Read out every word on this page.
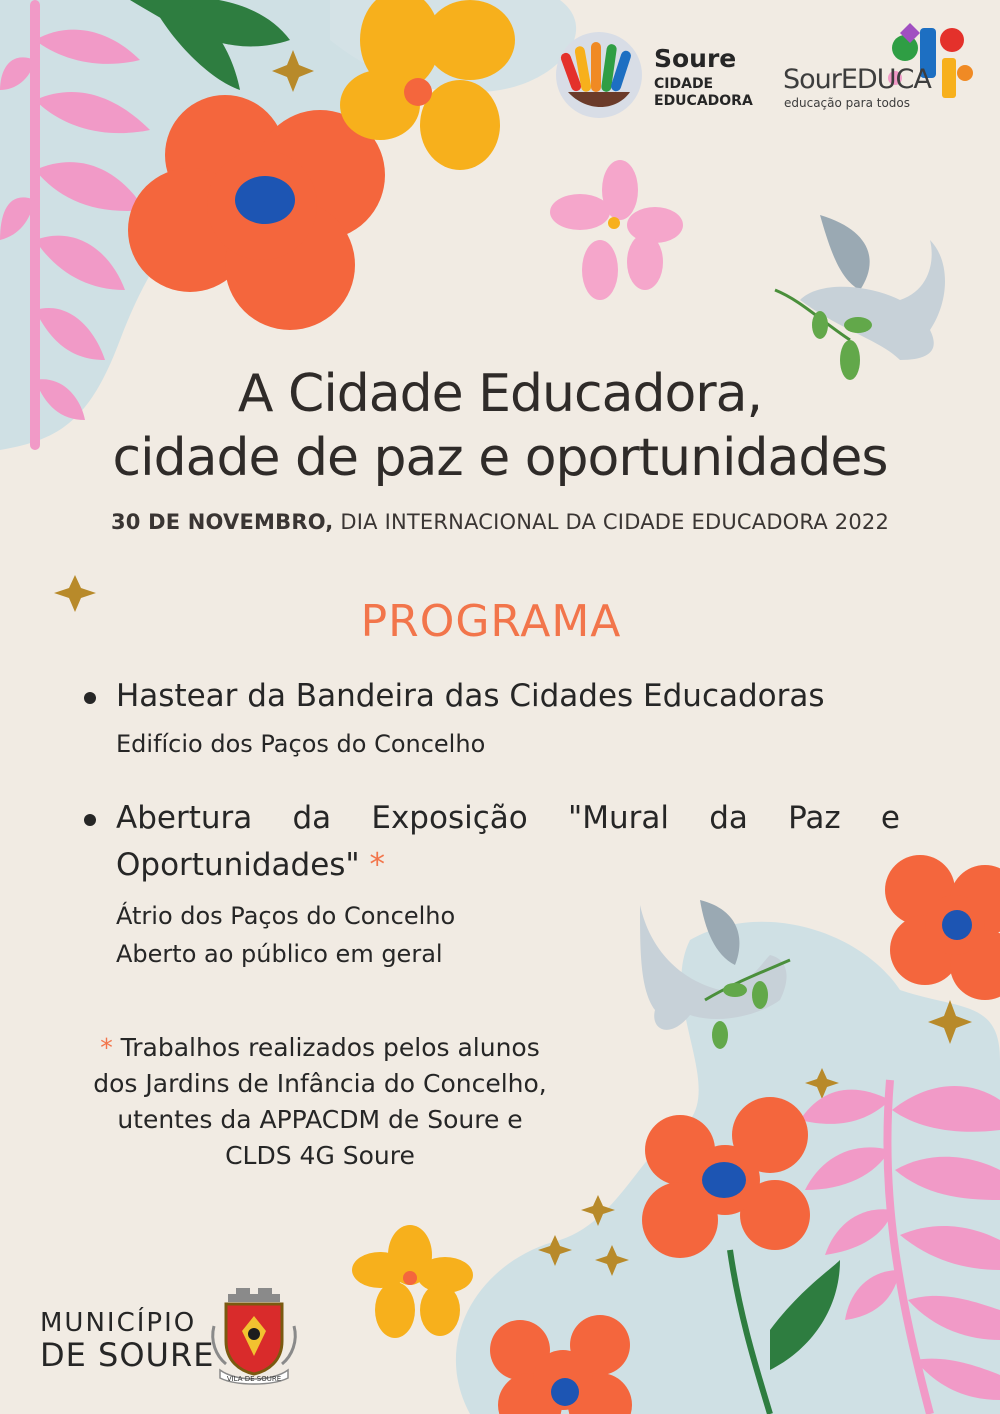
Soure
CIDADE
EDUCADORA
SourEDUCA
educação para todos
A Cidade Educadora,
cidade de paz e oportunidades
30 DE NOVEMBRO, DIA INTERNACIONAL DA CIDADE EDUCADORA 2022
PROGRAMA
Hastear da Bandeira das Cidades Educadoras
Edifício dos Paços do Concelho
Abertura da Exposição "Mural da Paz e
Oportunidades" *
Átrio dos Paços do Concelho
Aberto ao público em geral
* Trabalhos realizados pelos alunos
dos Jardins de Infância do Concelho,
utentes da APPACDM de Soure e
CLDS 4G Soure
MUNICÍPIO
DE SOURE
VILA DE SOURE
